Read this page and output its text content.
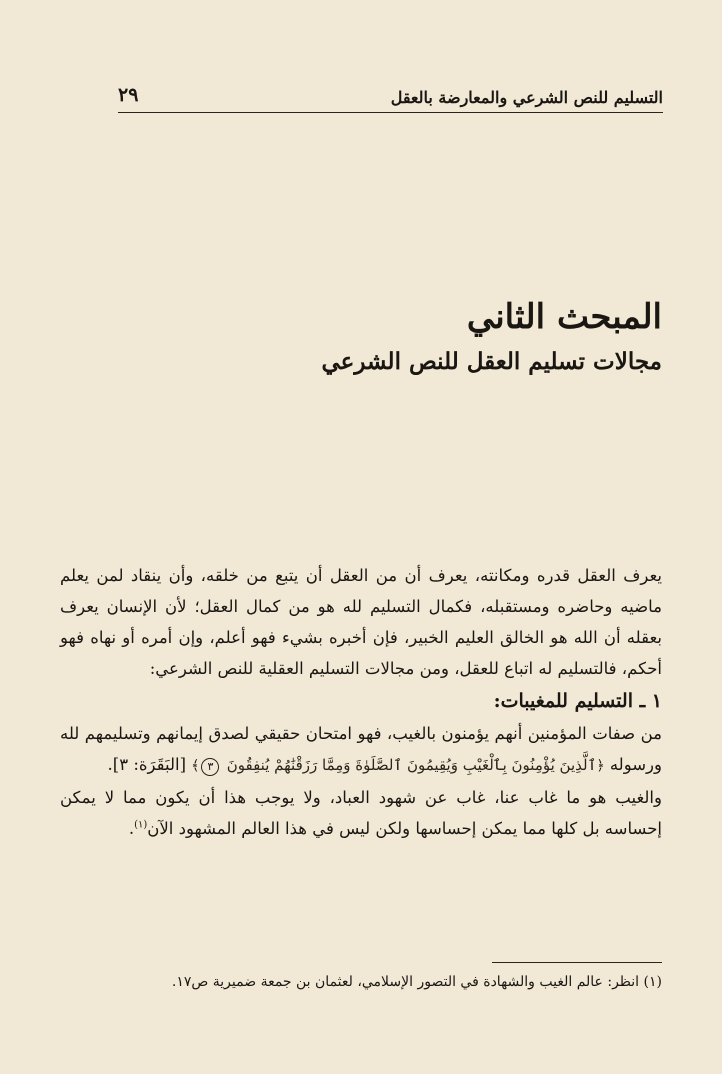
التسليم للنص الشرعي والمعارضة بالعقل
٢٩
المبحث الثاني
مجالات تسليم العقل للنص الشرعي

يعرف العقل قدره ومكانته، يعرف أن من العقل أن يتبع من خلقه، وأن ينقاد لمن يعلم ماضيه وحاضره ومستقبله، فكمال التسليم لله هو من كمال العقل؛ لأن الإنسان يعرف بعقله أن الله هو الخالق العليم الخبير، فإن أخبره بشيء فهو أعلم، وإن أمره أو نهاه فهو أحكم، فالتسليم له اتباع للعقل، ومن مجالات التسليم العقلية للنص الشرعي:

١ ـ التسليم للمغيبات:

من صفات المؤمنين أنهم يؤمنون بالغيب، فهو امتحان حقيقي لصدق إيمانهم وتسليمهم لله ورسوله ﴿ٱلَّذِينَ يُؤْمِنُونَ بِٱلْغَيْبِ وَيُقِيمُونَ ٱلصَّلَوٰةَ وَمِمَّا رَزَقْنَٰهُمْ يُنفِقُونَ ٣﴾ [البَقَرَة: ٣].

والغيب هو ما غاب عنا، غاب عن شهود العباد، ولا يوجب هذا أن يكون مما لا يمكن إحساسه بل كلها مما يمكن إحساسها ولكن ليس في هذا العالم المشهود الآن$^{(١)}$.

(١) انظر: عالم الغيب والشهادة في التصور الإسلامي، لعثمان بن جمعة ضميرية ص١٧.
